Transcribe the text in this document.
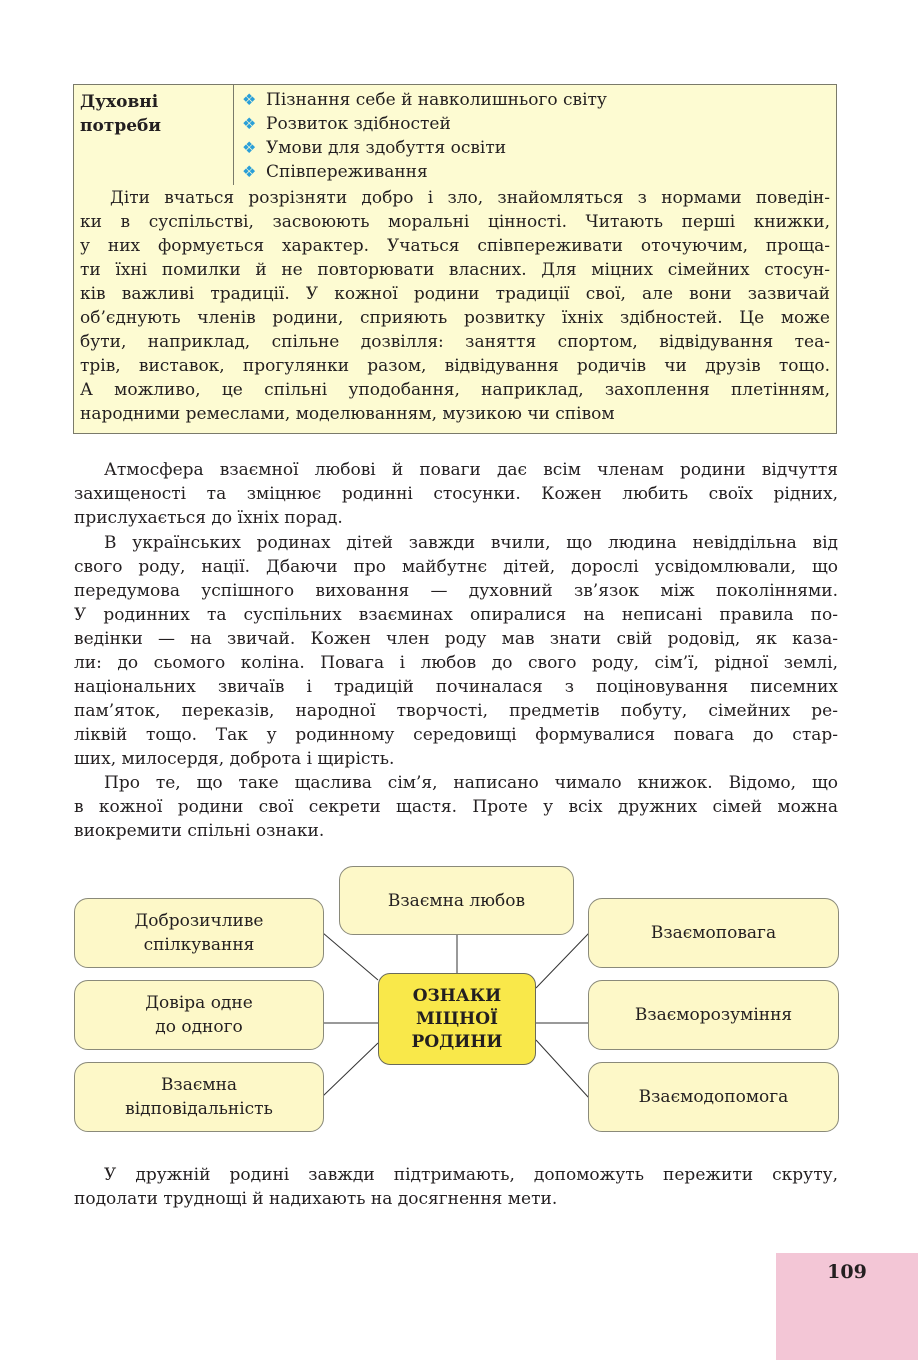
Духовні
потреби
❖ Пізнання себе й навколишнього світу
❖ Розвиток здібностей
❖ Умови для здобуття освіти
❖ Співпереживання
Діти вчаться розрізняти добро і зло, знайомляться з нормами поведін-
ки в суспільстві, засвоюють моральні цінності. Читають перші книжки,
у них формується характер. Учаться співпереживати оточуючим, проща-
ти їхні помилки й не повторювати власних. Для міцних сімейних стосун-
ків важливі традиції. У кожної родини традиції свої, але вони зазвичай
об’єднують членів родини, сприяють розвитку їхніх здібностей. Це може
бути, наприклад, спільне дозвілля: заняття спортом, відвідування теа-
трів, виставок, прогулянки разом, відвідування родичів чи друзів тощо.
А можливо, це спільні уподобання, наприклад, захоплення плетінням,
народними ремеслами, моделюванням, музикою чи співом
Атмосфера взаємної любові й поваги дає всім членам родини відчуття
захищеності та зміцнює родинні стосунки. Кожен любить своїх рідних,
прислухається до їхніх порад.
В українських родинах дітей завжди вчили, що людина невіддільна від
свого роду, нації. Дбаючи про майбутнє дітей, дорослі усвідомлювали, що
передумова успішного виховання — духовний зв’язок між поколіннями.
У родинних та суспільних взаєминах опиралися на неписані правила по-
ведінки — на звичай. Кожен член роду мав знати свій родовід, як каза-
ли: до сьомого коліна. Повага і любов до свого роду, сім’ї, рідної землі,
національних звичаїв і традицій починалася з поціновування писемних
пам’яток, переказів, народної творчості, предметів побуту, сімейних ре-
ліквій тощо. Так у родинному середовищі формувалися повага до стар-
ших, милосердя, доброта і щирість.
Про те, що таке щаслива сім’я, написано чимало книжок. Відомо, що
в кожної родини свої секрети щастя. Проте у всіх дружних сімей можна
виокремити спільні ознаки.
Взаємна любов
Доброзичливе
спілкування
Довіра одне
до одного
Взаємна
відповідальність
ОЗНАКИ
МІЦНОЇ
РОДИНИ
Взаємоповага
Взаєморозуміння
Взаємодопомога
У дружній родині завжди підтримають, допоможуть пережити скруту,
подолати труднощі й надихають на досягнення мети.
109
